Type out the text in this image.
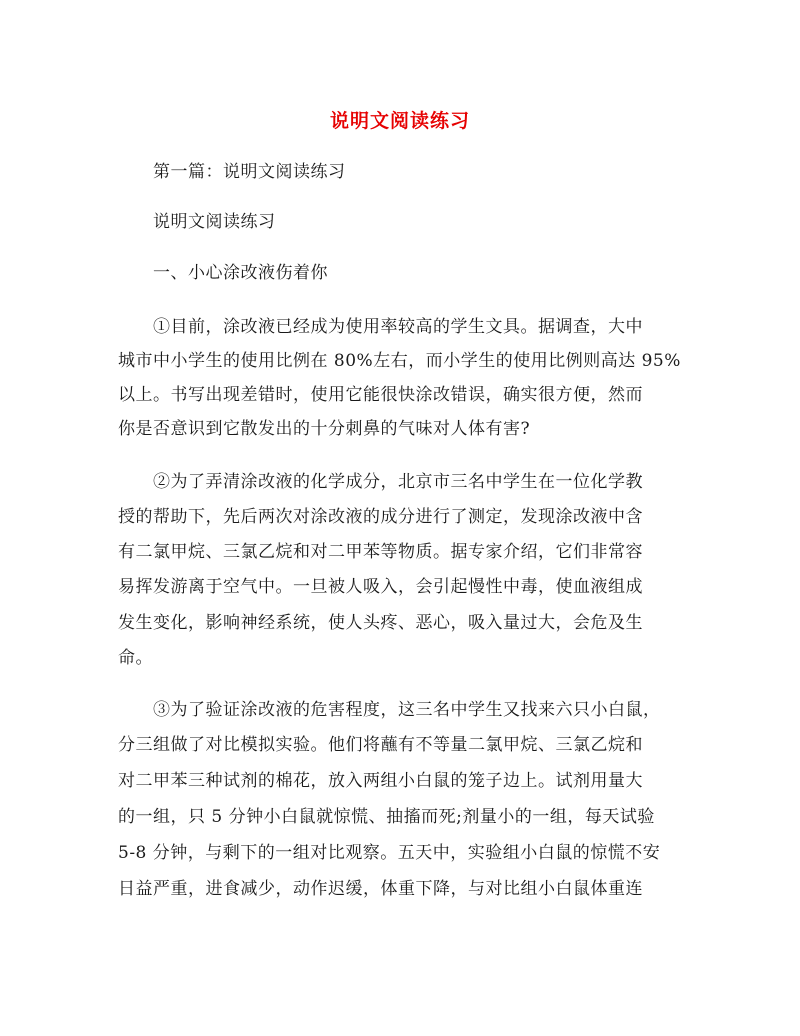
说明文阅读练习
第一篇：说明文阅读练习
说明文阅读练习
一、小心涂改液伤着你
①目前，涂改液已经成为使用率较高的学生文具。据调查，大中
城市中小学生的使用比例在 80%左右，而小学生的使用比例则高达 95%
以上。书写出现差错时，使用它能很快涂改错误，确实很方便，然而
你是否意识到它散发出的十分刺鼻的气味对人体有害?
②为了弄清涂改液的化学成分，北京市三名中学生在一位化学教
授的帮助下，先后两次对涂改液的成分进行了测定，发现涂改液中含
有二氯甲烷、三氯乙烷和对二甲苯等物质。据专家介绍，它们非常容
易挥发游离于空气中。一旦被人吸入，会引起慢性中毒，使血液组成
发生变化，影响神经系统，使人头疼、恶心，吸入量过大，会危及生
命。
③为了验证涂改液的危害程度，这三名中学生又找来六只小白鼠，
分三组做了对比模拟实验。他们将蘸有不等量二氯甲烷、三氯乙烷和
对二甲苯三种试剂的棉花，放入两组小白鼠的笼子边上。试剂用量大
的一组，只 5 分钟小白鼠就惊慌、抽搐而死;剂量小的一组，每天试验
5-8 分钟，与剩下的一组对比观察。五天中，实验组小白鼠的惊慌不安
日益严重，进食减少，动作迟缓，体重下降，与对比组小白鼠体重连
